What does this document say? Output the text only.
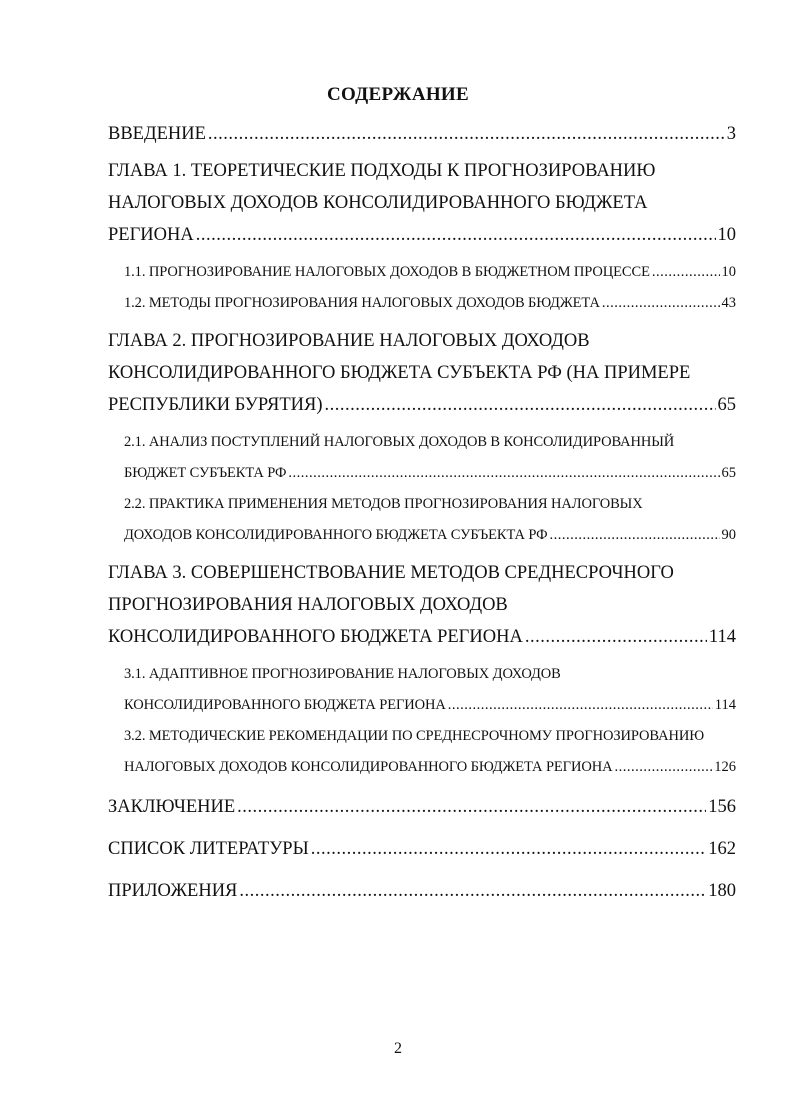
СОДЕРЖАНИЕ
ВВЕДЕНИЕ .....	3
ГЛАВА 1. ТЕОРЕТИЧЕСКИЕ ПОДХОДЫ К ПРОГНОЗИРОВАНИЮ
НАЛОГОВЫХ ДОХОДОВ КОНСОЛИДИРОВАННОГО БЮДЖЕТА
РЕГИОНА .....	10
1.1. ПРОГНОЗИРОВАНИЕ НАЛОГОВЫХ ДОХОДОВ В БЮДЖЕТНОМ ПРОЦЕССЕ .....	10
1.2. МЕТОДЫ ПРОГНОЗИРОВАНИЯ НАЛОГОВЫХ ДОХОДОВ БЮДЖЕТА .....	43
ГЛАВА 2. ПРОГНОЗИРОВАНИЕ НАЛОГОВЫХ ДОХОДОВ
КОНСОЛИДИРОВАННОГО БЮДЖЕТА СУБЪЕКТА РФ (НА ПРИМЕРЕ
РЕСПУБЛИКИ БУРЯТИЯ) .....	65
2.1. АНАЛИЗ ПОСТУПЛЕНИЙ НАЛОГОВЫХ ДОХОДОВ В КОНСОЛИДИРОВАННЫЙ
БЮДЖЕТ СУБЪЕКТА РФ .....	65
2.2. ПРАКТИКА ПРИМЕНЕНИЯ МЕТОДОВ ПРОГНОЗИРОВАНИЯ НАЛОГОВЫХ
ДОХОДОВ КОНСОЛИДИРОВАННОГО БЮДЖЕТА СУБЪЕКТА РФ .....	90
ГЛАВА 3. СОВЕРШЕНСТВОВАНИЕ МЕТОДОВ СРЕДНЕСРОЧНОГО
ПРОГНОЗИРОВАНИЯ НАЛОГОВЫХ ДОХОДОВ
КОНСОЛИДИРОВАННОГО БЮДЖЕТА РЕГИОНА .....	114
3.1. АДАПТИВНОЕ ПРОГНОЗИРОВАНИЕ НАЛОГОВЫХ ДОХОДОВ
КОНСОЛИДИРОВАННОГО БЮДЖЕТА РЕГИОНА .....	114
3.2. МЕТОДИЧЕСКИЕ РЕКОМЕНДАЦИИ ПО СРЕДНЕСРОЧНОМУ ПРОГНОЗИРОВАНИЮ
НАЛОГОВЫХ ДОХОДОВ КОНСОЛИДИРОВАННОГО БЮДЖЕТА РЕГИОНА .....	126
ЗАКЛЮЧЕНИЕ .....	156
СПИСОК ЛИТЕРАТУРЫ .....	162
ПРИЛОЖЕНИЯ .....	180
2
